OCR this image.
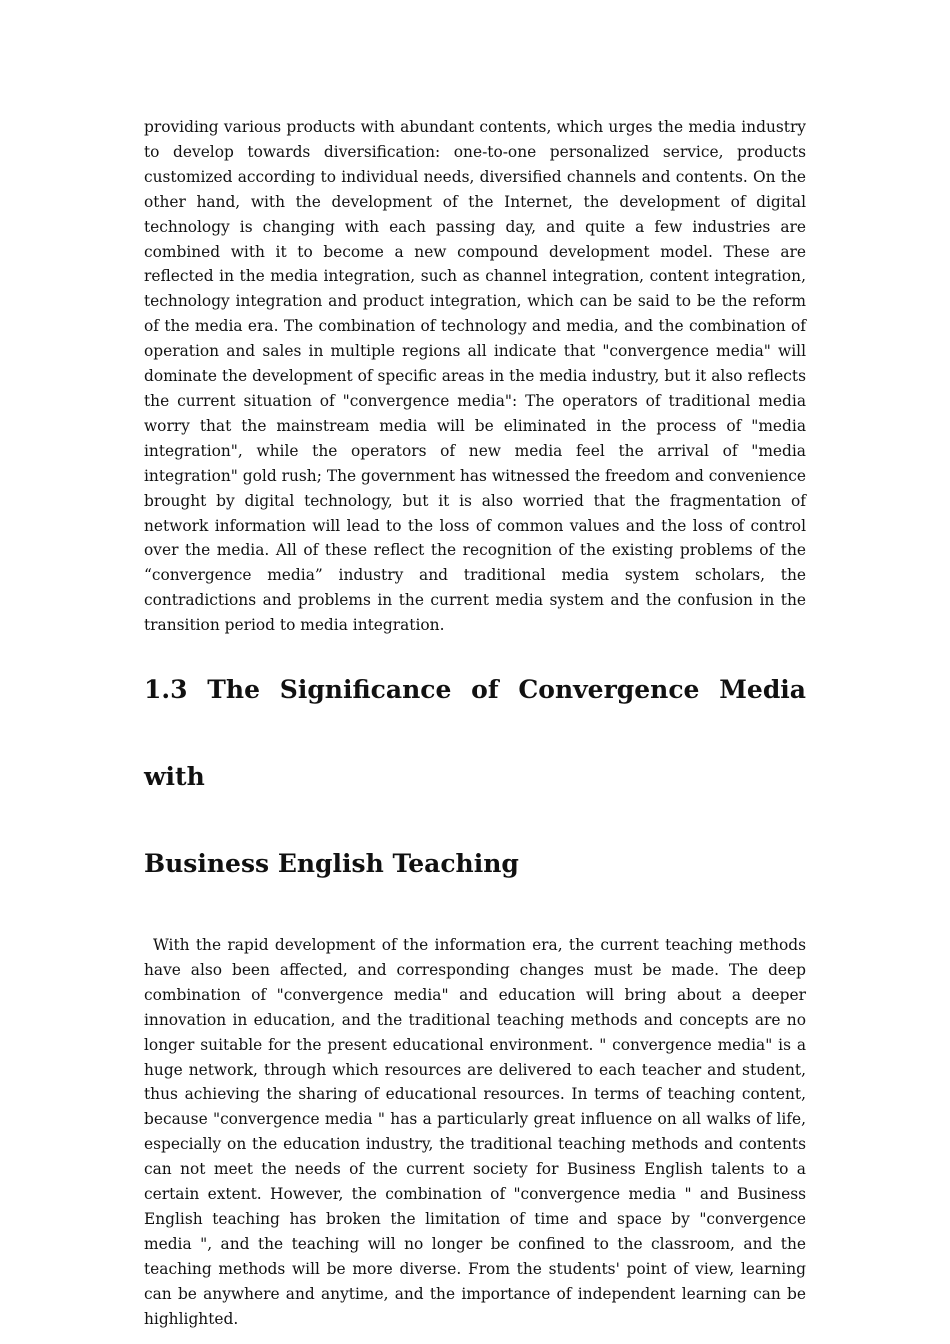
providing various products with abundant contents, which urges the media industry to develop towards diversification: one-to-one personalized service, products customized according to individual needs, diversified channels and contents. On the other hand, with the development of the Internet, the development of digital technology is changing with each passing day, and quite a few industries are combined with it to become a new compound development model. These are reflected in the media integration, such as channel integration, content integration, technology integration and product integration, which can be said to be the reform of the media era. The combination of technology and media, and the combination of operation and sales in multiple regions all indicate that "convergence media" will dominate the development of specific areas in the media industry, but it also reflects the current situation of "convergence media": The operators of traditional media worry that the mainstream media will be eliminated in the process of "media integration", while the operators of new media feel the arrival of "media integration" gold rush; The government has witnessed the freedom and convenience brought by digital technology, but it is also worried that the fragmentation of network information will lead to the loss of common values and the loss of control over the media. All of these reflect the recognition of the existing problems of the “convergence media” industry and traditional media system scholars, the contradictions and problems in the current media system and the confusion in the transition period to media integration.

1.3 The Significance of Convergence Media with
Business English Teaching

With the rapid development of the information era, the current teaching methods have also been affected, and corresponding changes must be made. The deep combination of "convergence media" and education will bring about a deeper innovation in education, and the traditional teaching methods and concepts are no longer suitable for the present educational environment. " convergence media" is a huge network, through which resources are delivered to each teacher and student, thus achieving the sharing of educational resources. In terms of teaching content, because "convergence media " has a particularly great influence on all walks of life, especially on the education industry, the traditional teaching methods and contents can not meet the needs of the current society for Business English talents to a certain extent. However, the combination of "convergence media " and Business English teaching has broken the limitation of time and space by "convergence media ", and the teaching will no longer be confined to the classroom, and the teaching methods will be more diverse. From the students' point of view, learning can be anywhere and anytime, and the importance of independent learning can be highlighted.
